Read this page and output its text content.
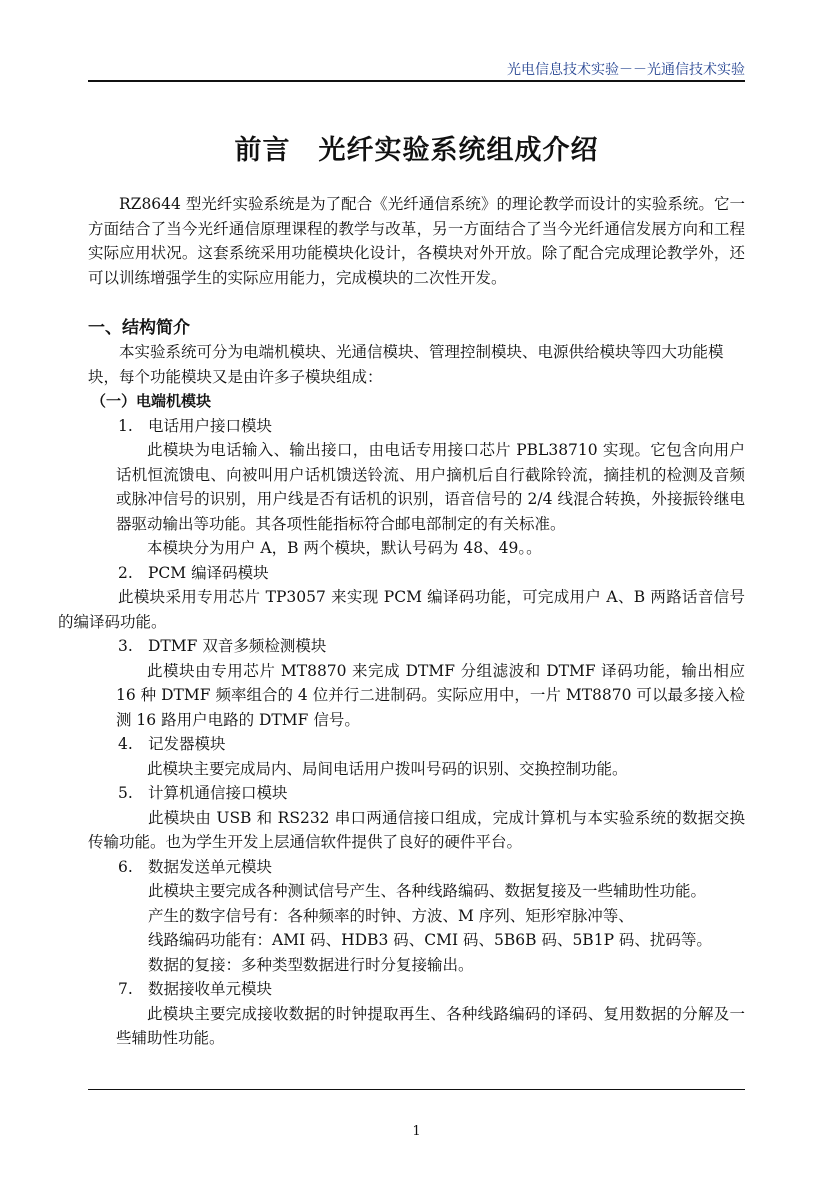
光电信息技术实验－－光通信技术实验
前言　光纤实验系统组成介绍

RZ8644 型光纤实验系统是为了配合《光纤通信系统》的理论教学而设计的实验系统。它一方面结合了当今光纤通信原理课程的教学与改革，另一方面结合了当今光纤通信发展方向和工程实际应用状况。这套系统采用功能模块化设计，各模块对外开放。除了配合完成理论教学外，还可以训练增强学生的实际应用能力，完成模块的二次性开发。

一、结构简介

本实验系统可分为电端机模块、光通信模块、管理控制模块、电源供给模块等四大功能模块，每个功能模块又是由许多子模块组成：

（一）电端机模块

1. 电话用户接口模块

此模块为电话输入、输出接口，由电话专用接口芯片 PBL38710 实现。它包含向用户话机恒流馈电、向被叫用户话机馈送铃流、用户摘机后自行截除铃流，摘挂机的检测及音频或脉冲信号的识别，用户线是否有话机的识别，语音信号的 2/4 线混合转换，外接振铃继电器驱动输出等功能。其各项性能指标符合邮电部制定的有关标准。

本模块分为用户 A，B 两个模块，默认号码为 48、49。。

2. PCM 编译码模块

此模块采用专用芯片 TP3057 来实现 PCM 编译码功能，可完成用户 A、B 两路话音信号的编译码功能。

3. DTMF 双音多频检测模块

此模块由专用芯片 MT8870 来完成 DTMF 分组滤波和 DTMF 译码功能，输出相应 16 种 DTMF 频率组合的 4 位并行二进制码。实际应用中，一片 MT8870 可以最多接入检测 16 路用户电路的 DTMF 信号。

4. 记发器模块

此模块主要完成局内、局间电话用户拨叫号码的识别、交换控制功能。

5. 计算机通信接口模块

此模块由 USB 和 RS232 串口两通信接口组成，完成计算机与本实验系统的数据交换传输功能。也为学生开发上层通信软件提供了良好的硬件平台。

6. 数据发送单元模块

此模块主要完成各种测试信号产生、各种线路编码、数据复接及一些辅助性功能。

产生的数字信号有：各种频率的时钟、方波、M 序列、矩形窄脉冲等、

线路编码功能有：AMI 码、HDB3 码、CMI 码、5B6B 码、5B1P 码、扰码等。

数据的复接：多种类型数据进行时分复接输出。

7. 数据接收单元模块

此模块主要完成接收数据的时钟提取再生、各种线路编码的译码、复用数据的分解及一些辅助性功能。

1
